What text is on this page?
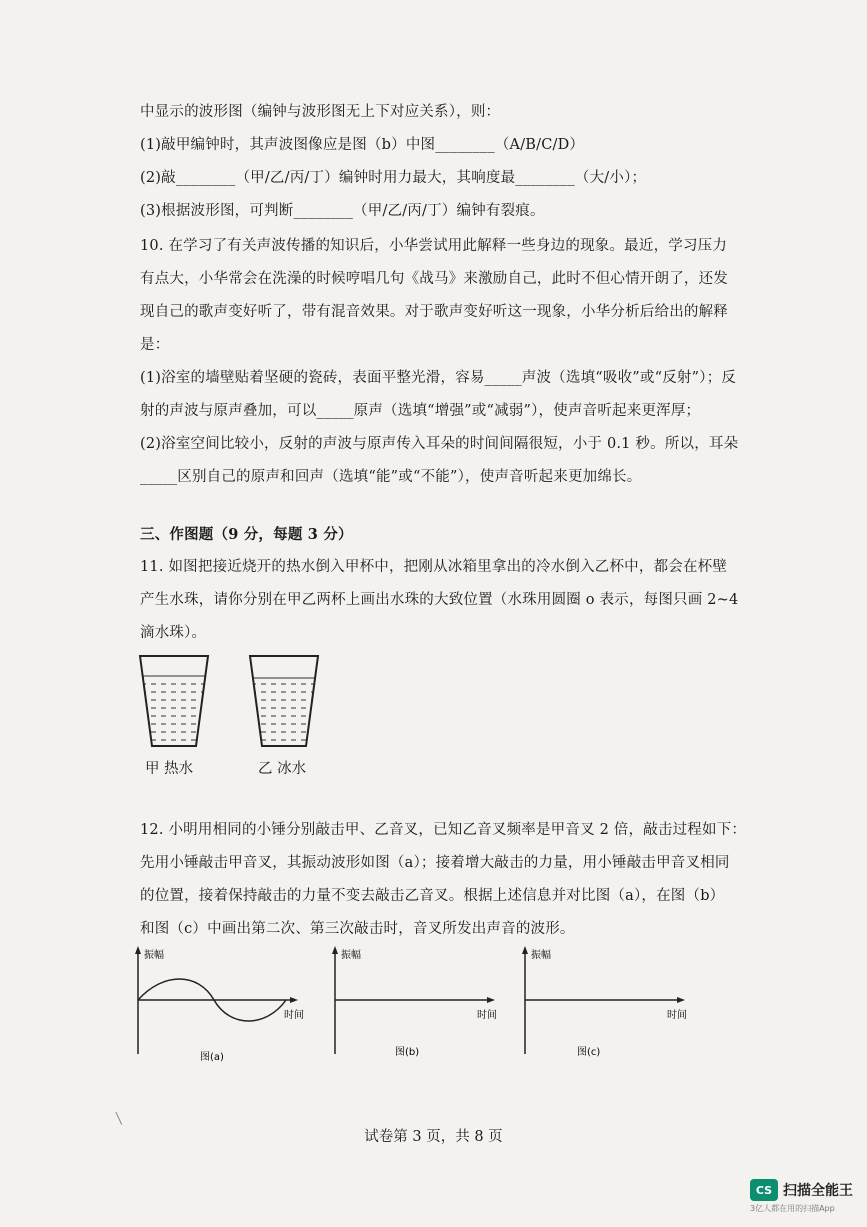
中显示的波形图（编钟与波形图无上下对应关系），则：
(1)敲甲编钟时，其声波图像应是图（b）中图________（A/B/C/D）
(2)敲________（甲/乙/丙/丁）编钟时用力最大，其响度最________（大/小）；
(3)根据波形图，可判断________（甲/乙/丙/丁）编钟有裂痕。
10. 在学习了有关声波传播的知识后，小华尝试用此解释一些身边的现象。最近，学习压力
有点大，小华常会在洗澡的时候哼唱几句《战马》来激励自己，此时不但心情开朗了，还发
现自己的歌声变好听了，带有混音效果。对于歌声变好听这一现象，小华分析后给出的解释
是：
(1)浴室的墙壁贴着坚硬的瓷砖，表面平整光滑，容易_____声波（选填“吸收”或“反射”）；反
射的声波与原声叠加，可以_____原声（选填“增强”或“减弱”），使声音听起来更浑厚；
(2)浴室空间比较小，反射的声波与原声传入耳朵的时间间隔很短，小于 0.1 秒。所以，耳朵
_____区别自己的原声和回声（选填“能”或“不能”），使声音听起来更加绵长。
三、作图题（9 分，每题 3 分）
11. 如图把接近烧开的热水倒入甲杯中，把刚从冰箱里拿出的冷水倒入乙杯中，都会在杯壁
产生水珠，请你分别在甲乙两杯上画出水珠的大致位置（水珠用圆圈 o 表示，每图只画 2~4
滴水珠）。
甲 热水	乙 冰水
12. 小明用相同的小锤分别敲击甲、乙音叉，已知乙音叉频率是甲音叉 2 倍，敲击过程如下：
先用小锤敲击甲音叉，其振动波形如图（a）；接着增大敲击的力量，用小锤敲击甲音叉相同
的位置，接着保持敲击的力量不变去敲击乙音叉。根据上述信息并对比图（a），在图（b）
和图（c）中画出第二次、第三次敲击时，音叉所发出声音的波形。
振幅
时间
图(a)
振幅
时间
图(b)
振幅
时间
图(c)
试卷第 3 页，共 8 页
CS 扫描全能王
3亿人都在用的扫描App
